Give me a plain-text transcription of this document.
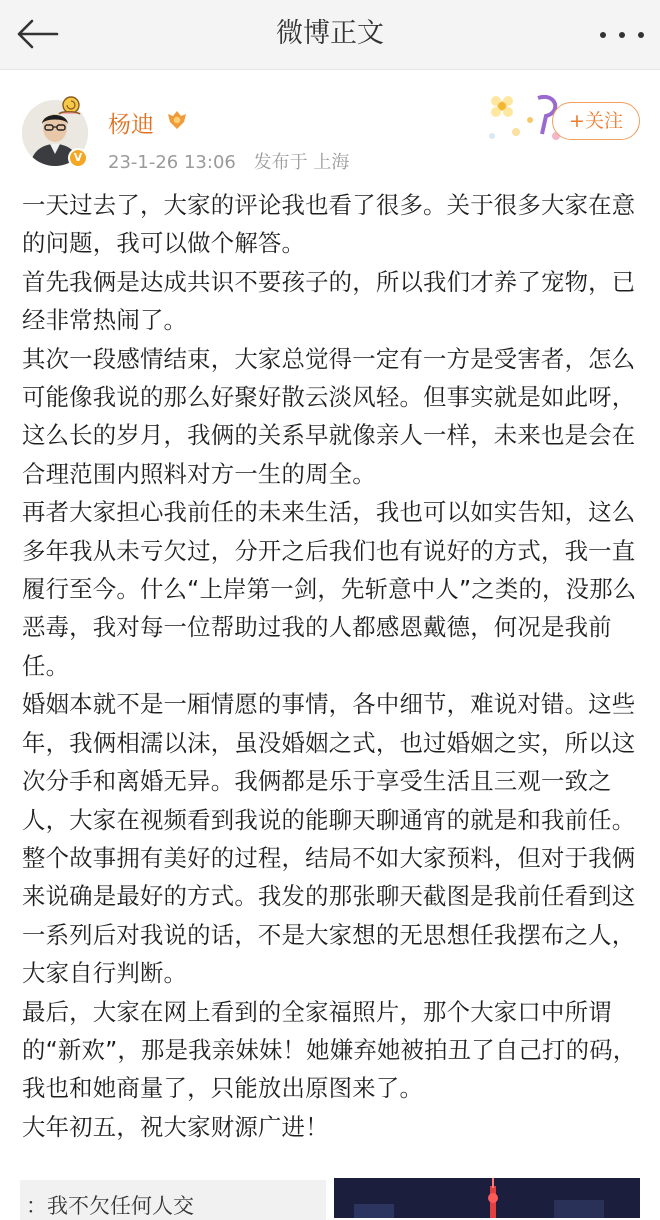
微博正文
V
杨迪
23-1-26 13:06 发布于 上海
+关注
一天过去了，大家的评论我也看了很多。关于很多大家在意的问题，我可以做个解答。
首先我俩是达成共识不要孩子的，所以我们才养了宠物，已经非常热闹了。
其次一段感情结束，大家总觉得一定有一方是受害者，怎么可能像我说的那么好聚好散云淡风轻。但事实就是如此呀，这么长的岁月，我俩的关系早就像亲人一样，未来也是会在合理范围内照料对方一生的周全。
再者大家担心我前任的未来生活，我也可以如实告知，这么多年我从未亏欠过，分开之后我们也有说好的方式，我一直履行至今。什么“上岸第一剑，先斩意中人”之类的，没那么恶毒，我对每一位帮助过我的人都感恩戴德，何况是我前任。
婚姻本就不是一厢情愿的事情，各中细节，难说对错。这些年，我俩相濡以沫，虽没婚姻之式，也过婚姻之实，所以这次分手和离婚无异。我俩都是乐于享受生活且三观一致之人，大家在视频看到我说的能聊天聊通宵的就是和我前任。
整个故事拥有美好的过程，结局不如大家预料，但对于我俩来说确是最好的方式。我发的那张聊天截图是我前任看到这一系列后对我说的话，不是大家想的无思想任我摆布之人，大家自行判断。
最后，大家在网上看到的全家福照片，那个大家口中所谓的“新欢”，那是我亲妹妹！她嫌弃她被拍丑了自己打的码，我也和她商量了，只能放出原图来了。
大年初五，祝大家财源广进！
：我不欠任何人交
